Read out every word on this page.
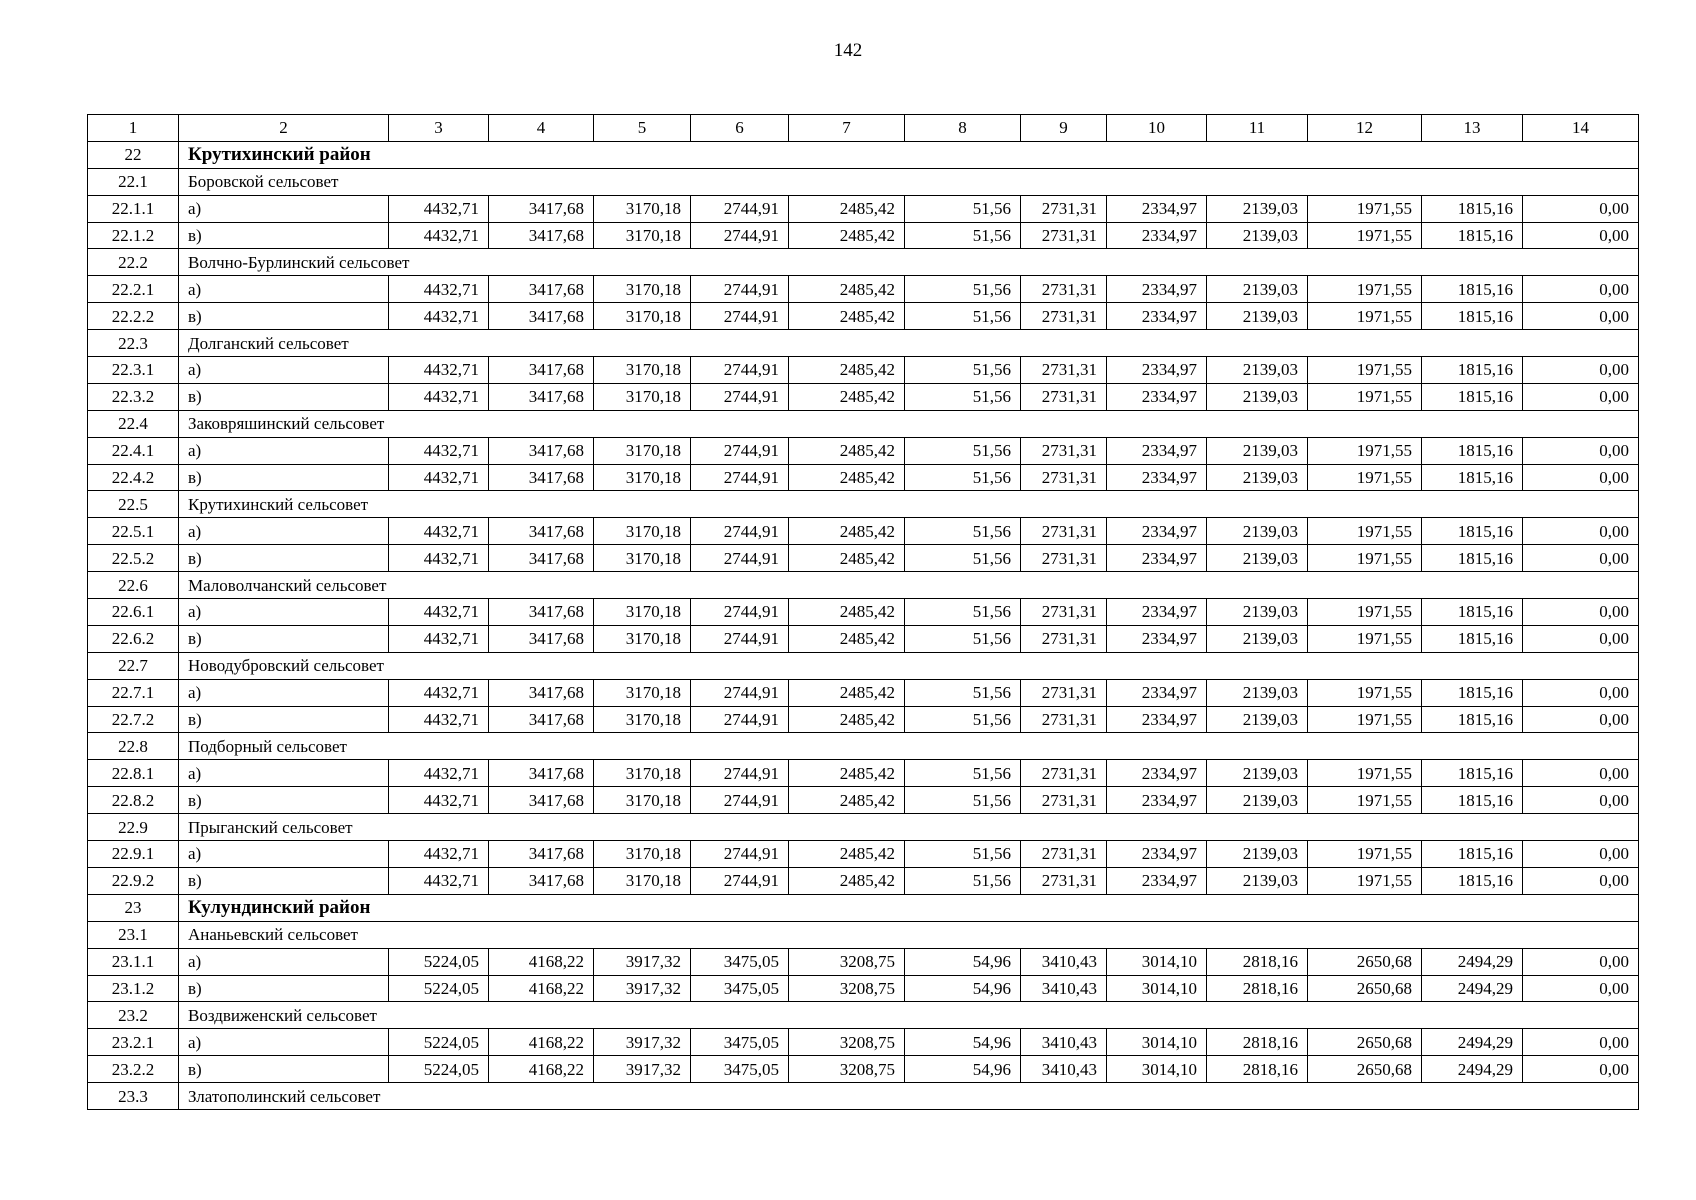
142
1	2	3	4	5	6	7	8	9	10	11	12	13	14
22	Крутихинский район												
22.1	Боровской сельсовет												
22.1.1	а)	4432,71	3417,68	3170,18	2744,91	2485,42	51,56	2731,31	2334,97	2139,03	1971,55	1815,16	0,00
22.1.2	в)	4432,71	3417,68	3170,18	2744,91	2485,42	51,56	2731,31	2334,97	2139,03	1971,55	1815,16	0,00
22.2	Волчно-Бурлинский сельсовет												
22.2.1	а)	4432,71	3417,68	3170,18	2744,91	2485,42	51,56	2731,31	2334,97	2139,03	1971,55	1815,16	0,00
22.2.2	в)	4432,71	3417,68	3170,18	2744,91	2485,42	51,56	2731,31	2334,97	2139,03	1971,55	1815,16	0,00
22.3	Долганский сельсовет												
22.3.1	а)	4432,71	3417,68	3170,18	2744,91	2485,42	51,56	2731,31	2334,97	2139,03	1971,55	1815,16	0,00
22.3.2	в)	4432,71	3417,68	3170,18	2744,91	2485,42	51,56	2731,31	2334,97	2139,03	1971,55	1815,16	0,00
22.4	Заковряшинский сельсовет												
22.4.1	а)	4432,71	3417,68	3170,18	2744,91	2485,42	51,56	2731,31	2334,97	2139,03	1971,55	1815,16	0,00
22.4.2	в)	4432,71	3417,68	3170,18	2744,91	2485,42	51,56	2731,31	2334,97	2139,03	1971,55	1815,16	0,00
22.5	Крутихинский сельсовет												
22.5.1	а)	4432,71	3417,68	3170,18	2744,91	2485,42	51,56	2731,31	2334,97	2139,03	1971,55	1815,16	0,00
22.5.2	в)	4432,71	3417,68	3170,18	2744,91	2485,42	51,56	2731,31	2334,97	2139,03	1971,55	1815,16	0,00
22.6	Маловолчанский сельсовет												
22.6.1	а)	4432,71	3417,68	3170,18	2744,91	2485,42	51,56	2731,31	2334,97	2139,03	1971,55	1815,16	0,00
22.6.2	в)	4432,71	3417,68	3170,18	2744,91	2485,42	51,56	2731,31	2334,97	2139,03	1971,55	1815,16	0,00
22.7	Новодубровский сельсовет												
22.7.1	а)	4432,71	3417,68	3170,18	2744,91	2485,42	51,56	2731,31	2334,97	2139,03	1971,55	1815,16	0,00
22.7.2	в)	4432,71	3417,68	3170,18	2744,91	2485,42	51,56	2731,31	2334,97	2139,03	1971,55	1815,16	0,00
22.8	Подборный сельсовет												
22.8.1	а)	4432,71	3417,68	3170,18	2744,91	2485,42	51,56	2731,31	2334,97	2139,03	1971,55	1815,16	0,00
22.8.2	в)	4432,71	3417,68	3170,18	2744,91	2485,42	51,56	2731,31	2334,97	2139,03	1971,55	1815,16	0,00
22.9	Прыганский сельсовет												
22.9.1	а)	4432,71	3417,68	3170,18	2744,91	2485,42	51,56	2731,31	2334,97	2139,03	1971,55	1815,16	0,00
22.9.2	в)	4432,71	3417,68	3170,18	2744,91	2485,42	51,56	2731,31	2334,97	2139,03	1971,55	1815,16	0,00
23	Кулундинский район												
23.1	Ананьевский сельсовет												
23.1.1	а)	5224,05	4168,22	3917,32	3475,05	3208,75	54,96	3410,43	3014,10	2818,16	2650,68	2494,29	0,00
23.1.2	в)	5224,05	4168,22	3917,32	3475,05	3208,75	54,96	3410,43	3014,10	2818,16	2650,68	2494,29	0,00
23.2	Воздвиженский сельсовет												
23.2.1	а)	5224,05	4168,22	3917,32	3475,05	3208,75	54,96	3410,43	3014,10	2818,16	2650,68	2494,29	0,00
23.2.2	в)	5224,05	4168,22	3917,32	3475,05	3208,75	54,96	3410,43	3014,10	2818,16	2650,68	2494,29	0,00
23.3	Златополинский сельсовет												
